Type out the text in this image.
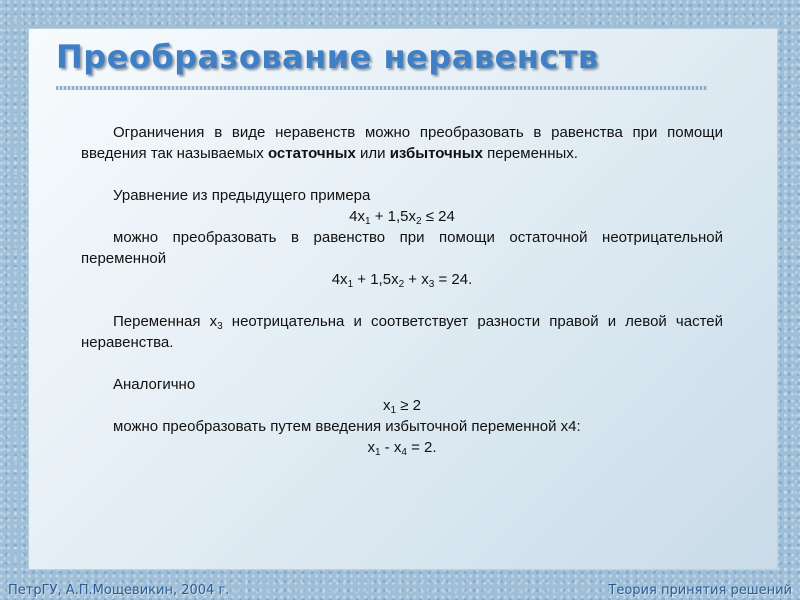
Преобразование неравенств

Ограничения в виде неравенств можно преобразовать в равенства при помощи введения так называемых остаточных или избыточных переменных.

Уравнение из предыдущего примера

$4x_1 + 1,5x_2 \le 24$

можно преобразовать в равенство при помощи остаточной неотрицательной переменной

$4x_1 + 1,5x_2 + x_3 = 24$.

Переменная $x_3$ неотрицательна и соответствует разности правой и левой частей неравенства.

Аналогично

$x_1 \ge 2$

можно преобразовать путем введения избыточной переменной x4:

$x_1 - x_4 = 2$.

ПетрГУ, А.П.Мощевикин, 2004 г.	Теория принятия решений
